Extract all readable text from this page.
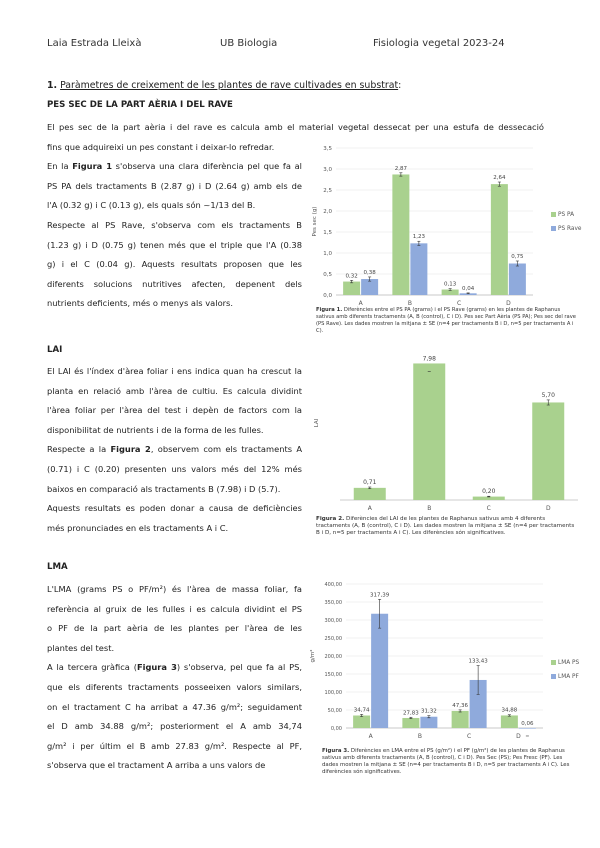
Laia Estrada Lleixà	UB Biologia	Fisiologia vegetal 2023-24
1. Paràmetres de creixement de les plantes de rave cultivades en substrat:
PES SEC DE LA PART AÈRIA I DEL RAVE
El pes sec de la part aèria i del rave es calcula amb el material vegetal dessecat per una estufa de dessecació
fins que adquireixi un pes constant i deixar-lo refredar.
En la Figura 1 s'observa una clara diferència pel que fa al
PS PA dels tractaments B (2.87 g) i D (2.64 g) amb els de
l'A (0.32 g) i C (0.13 g), els quals són ~1/13 del B.
Respecte al PS Rave, s'observa com els tractaments B
(1.23 g) i D (0.75 g) tenen més que el triple que l'A (0.38
g) i el C (0.04 g). Aquests resultats proposen que les
diferents solucions nutritives afecten, depenent dels
nutrients deficients, més o menys als valors.
LAI
El LAI és l'índex d'àrea foliar i ens indica quan ha crescut la
planta en relació amb l'àrea de cultiu. Es calcula dividint
l'àrea foliar per l'àrea del test i depèn de factors com la
disponibilitat de nutrients i de la forma de les fulles.
Respecte a la Figura 2, observem com els tractaments A
(0.71) i C (0.20) presenten uns valors més del 12% més
baixos en comparació als tractaments B (7.98) i D (5.7).
Aquests resultats es poden donar a causa de deficiències
més pronunciades en els tractaments A i C.
LMA
L'LMA (grams PS o PF/m²) és l'àrea de massa foliar, fa
referència al gruix de les fulles i es calcula dividint el PS
o PF de la part aèria de les plantes per l'àrea de les
plantes del test.
A la tercera gràfica (Figura 3) s'observa, pel que fa al PS,
que els diferents tractaments posseeixen valors similars,
on el tractament C ha arribat a 47.36 g/m²; seguidament
el D amb 34.88 g/m²; posteriorment el A amb 34,74
g/m² i per últim el B amb 27.83 g/m². Respecte al PF,
s'observa que el tractament A arriba a uns valors de
0,0
0,5
1,0
1,5
2,0
2,5
3,0
3,5
Pes sec (g)
A
0,32
0,38
B
2,87
1,23
C
0,13
0,04
D
2,64
0,75
PS PA
PS Rave
Figura 1. Diferències entre el PS PA (grams) i el PS Rave (grams) en les plantes de Raphanus sativus amb diferents tractaments (A, B (control), C i D). Pes sec Part Aèria (PS PA); Pes sec del rave (PS Rave). Les dades mostren la mitjana ± SE (n=4 per tractaments B i D, n=5 per tractaments A i C).
LAI
A
0,71
B
7,98
C
0,20
D
5,70
Figura 2. Diferències del LAI de les plantes de Raphanus sativus amb 4 diferents tractaments (A, B (control), C i D). Les dades mostren la mitjana ± SE (n=4 per tractaments B i D, n=5 per tractaments A i C). Les diferències són significatives.
0,00
50,00
100,00
150,00
200,00
250,00
300,00
350,00
400,00
g/m²
A
34,74
317,39
B
27,83 31,32
C
47,36
133,43
D
34,88
0,06
LMA PS
LMA PF
Figura 3. Diferències en LMA entre el PS (g/m²) i el PF (g/m²) de les plantes de Raphanus sativus amb diferents tractaments (A, B (control), C i D). Pes Sec (PS); Pes Fresc (PF). Les dades mostren la mitjana ± SE (n=4 per tractaments B i D, n=5 per tractaments A i C). Les diferències són significatives.
